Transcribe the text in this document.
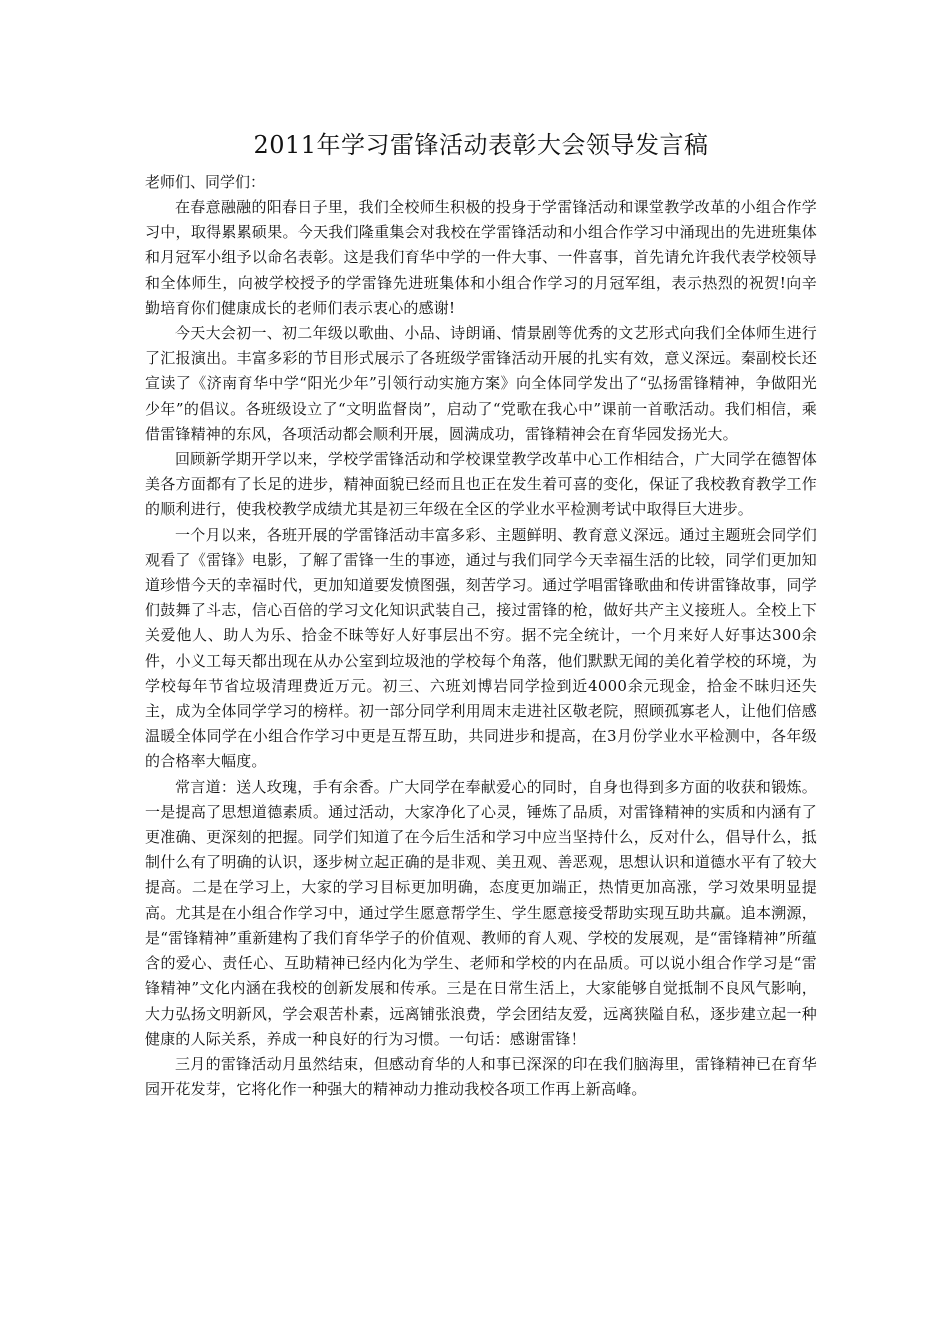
2011年学习雷锋活动表彰大会领导发言稿

老师们、同学们：

在春意融融的阳春日子里，我们全校师生积极的投身于学雷锋活动和课堂教学改革的小组合作学习中，取得累累硕果。今天我们隆重集会对我校在学雷锋活动和小组合作学习中涌现出的先进班集体和月冠军小组予以命名表彰。这是我们育华中学的一件大事、一件喜事，首先请允许我代表学校领导和全体师生，向被学校授予的学雷锋先进班集体和小组合作学习的月冠军组，表示热烈的祝贺!向辛勤培育你们健康成长的老师们表示衷心的感谢!

今天大会初一、初二年级以歌曲、小品、诗朗诵、情景剧等优秀的文艺形式向我们全体师生进行了汇报演出。丰富多彩的节目形式展示了各班级学雷锋活动开展的扎实有效，意义深远。秦副校长还宣读了《济南育华中学“阳光少年”引领行动实施方案》向全体同学发出了“弘扬雷锋精神，争做阳光少年”的倡议。各班级设立了“文明监督岗”，启动了“党歌在我心中”课前一首歌活动。我们相信，乘借雷锋精神的东风，各项活动都会顺利开展，圆满成功，雷锋精神会在育华园发扬光大。

回顾新学期开学以来，学校学雷锋活动和学校课堂教学改革中心工作相结合，广大同学在德智体美各方面都有了长足的进步，精神面貌已经而且也正在发生着可喜的变化，保证了我校教育教学工作的顺利进行，使我校教学成绩尤其是初三年级在全区的学业水平检测考试中取得巨大进步。

一个月以来，各班开展的学雷锋活动丰富多彩、主题鲜明、教育意义深远。通过主题班会同学们观看了《雷锋》电影，了解了雷锋一生的事迹，通过与我们同学今天幸福生活的比较，同学们更加知道珍惜今天的幸福时代，更加知道要发愤图强，刻苦学习。通过学唱雷锋歌曲和传讲雷锋故事，同学们鼓舞了斗志，信心百倍的学习文化知识武装自己，接过雷锋的枪，做好共产主义接班人。全校上下关爱他人、助人为乐、拾金不昧等好人好事层出不穷。据不完全统计，一个月来好人好事达300余件，小义工每天都出现在从办公室到垃圾池的学校每个角落，他们默默无闻的美化着学校的环境，为学校每年节省垃圾清理费近万元。初三、六班刘博岩同学捡到近4000余元现金，拾金不昧归还失主，成为全体同学学习的榜样。初一部分同学利用周末走进社区敬老院，照顾孤寡老人，让他们倍感温暖全体同学在小组合作学习中更是互帮互助，共同进步和提高，在3月份学业水平检测中，各年级的合格率大幅度。

常言道：送人玫瑰，手有余香。广大同学在奉献爱心的同时，自身也得到多方面的收获和锻炼。一是提高了思想道德素质。通过活动，大家净化了心灵，锤炼了品质，对雷锋精神的实质和内涵有了更准确、更深刻的把握。同学们知道了在今后生活和学习中应当坚持什么，反对什么，倡导什么，抵制什么有了明确的认识，逐步树立起正确的是非观、美丑观、善恶观，思想认识和道德水平有了较大提高。二是在学习上，大家的学习目标更加明确，态度更加端正，热情更加高涨，学习效果明显提高。尤其是在小组合作学习中，通过学生愿意帮学生、学生愿意接受帮助实现互助共赢。追本溯源，是“雷锋精神”重新建构了我们育华学子的价值观、教师的育人观、学校的发展观，是“雷锋精神”所蕴含的爱心、责任心、互助精神已经内化为学生、老师和学校的内在品质。可以说小组合作学习是“雷锋精神”文化内涵在我校的创新发展和传承。三是在日常生活上，大家能够自觉抵制不良风气影响，大力弘扬文明新风，学会艰苦朴素，远离铺张浪费，学会团结友爱，远离狭隘自私，逐步建立起一种健康的人际关系，养成一种良好的行为习惯。一句话：感谢雷锋！

三月的雷锋活动月虽然结束，但感动育华的人和事已深深的印在我们脑海里，雷锋精神已在育华园开花发芽，它将化作一种强大的精神动力推动我校各项工作再上新高峰。
